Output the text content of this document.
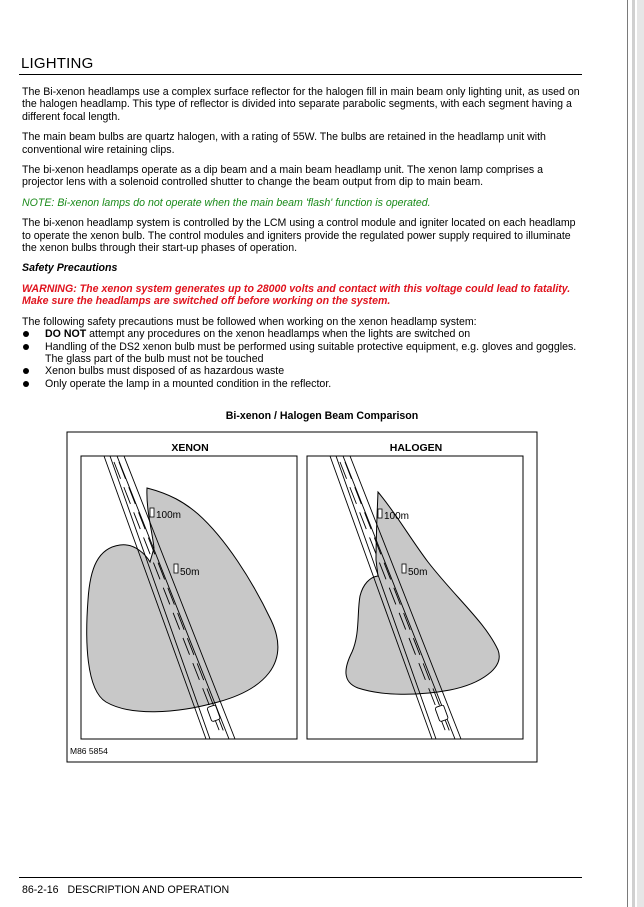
LIGHTING

The Bi-xenon headlamps use a complex surface reflector for the halogen fill in main beam only lighting unit, as used on the halogen headlamp. This type of reflector is divided into separate parabolic segments, with each segment having a different focal length.

The main beam bulbs are quartz halogen, with a rating of 55W. The bulbs are retained in the headlamp unit with conventional wire retaining clips.

The bi-xenon headlamps operate as a dip beam and a main beam headlamp unit. The xenon lamp comprises a projector lens with a solenoid controlled shutter to change the beam output from dip to main beam.

NOTE: Bi-xenon lamps do not operate when the main beam 'flash' function is operated.

The bi-xenon headlamp system is controlled by the LCM using a control module and igniter located on each headlamp to operate the xenon bulb. The control modules and igniters provide the regulated power supply required to illuminate the xenon bulbs through their start-up phases of operation.

Safety Precautions
WARNING: The xenon system generates up to 28000 volts and contact with this voltage could lead to fatality. Make sure the headlamps are switched off before working on the system.
The following safety precautions must be followed when working on the xenon headlamp system:
DO NOT attempt any procedures on the xenon headlamps when the lights are switched on
Handling of the DS2 xenon bulb must be performed using suitable protective equipment, e.g. gloves and goggles. The glass part of the bulb must not be touched
Xenon bulbs must disposed of as hazardous waste
Only operate the lamp in a mounted condition in the reflector.
Bi-xenon / Halogen Beam Comparison
M86 5854
XENON
100m
50m
HALOGEN
100m
50m
86-2-16 DESCRIPTION AND OPERATION
